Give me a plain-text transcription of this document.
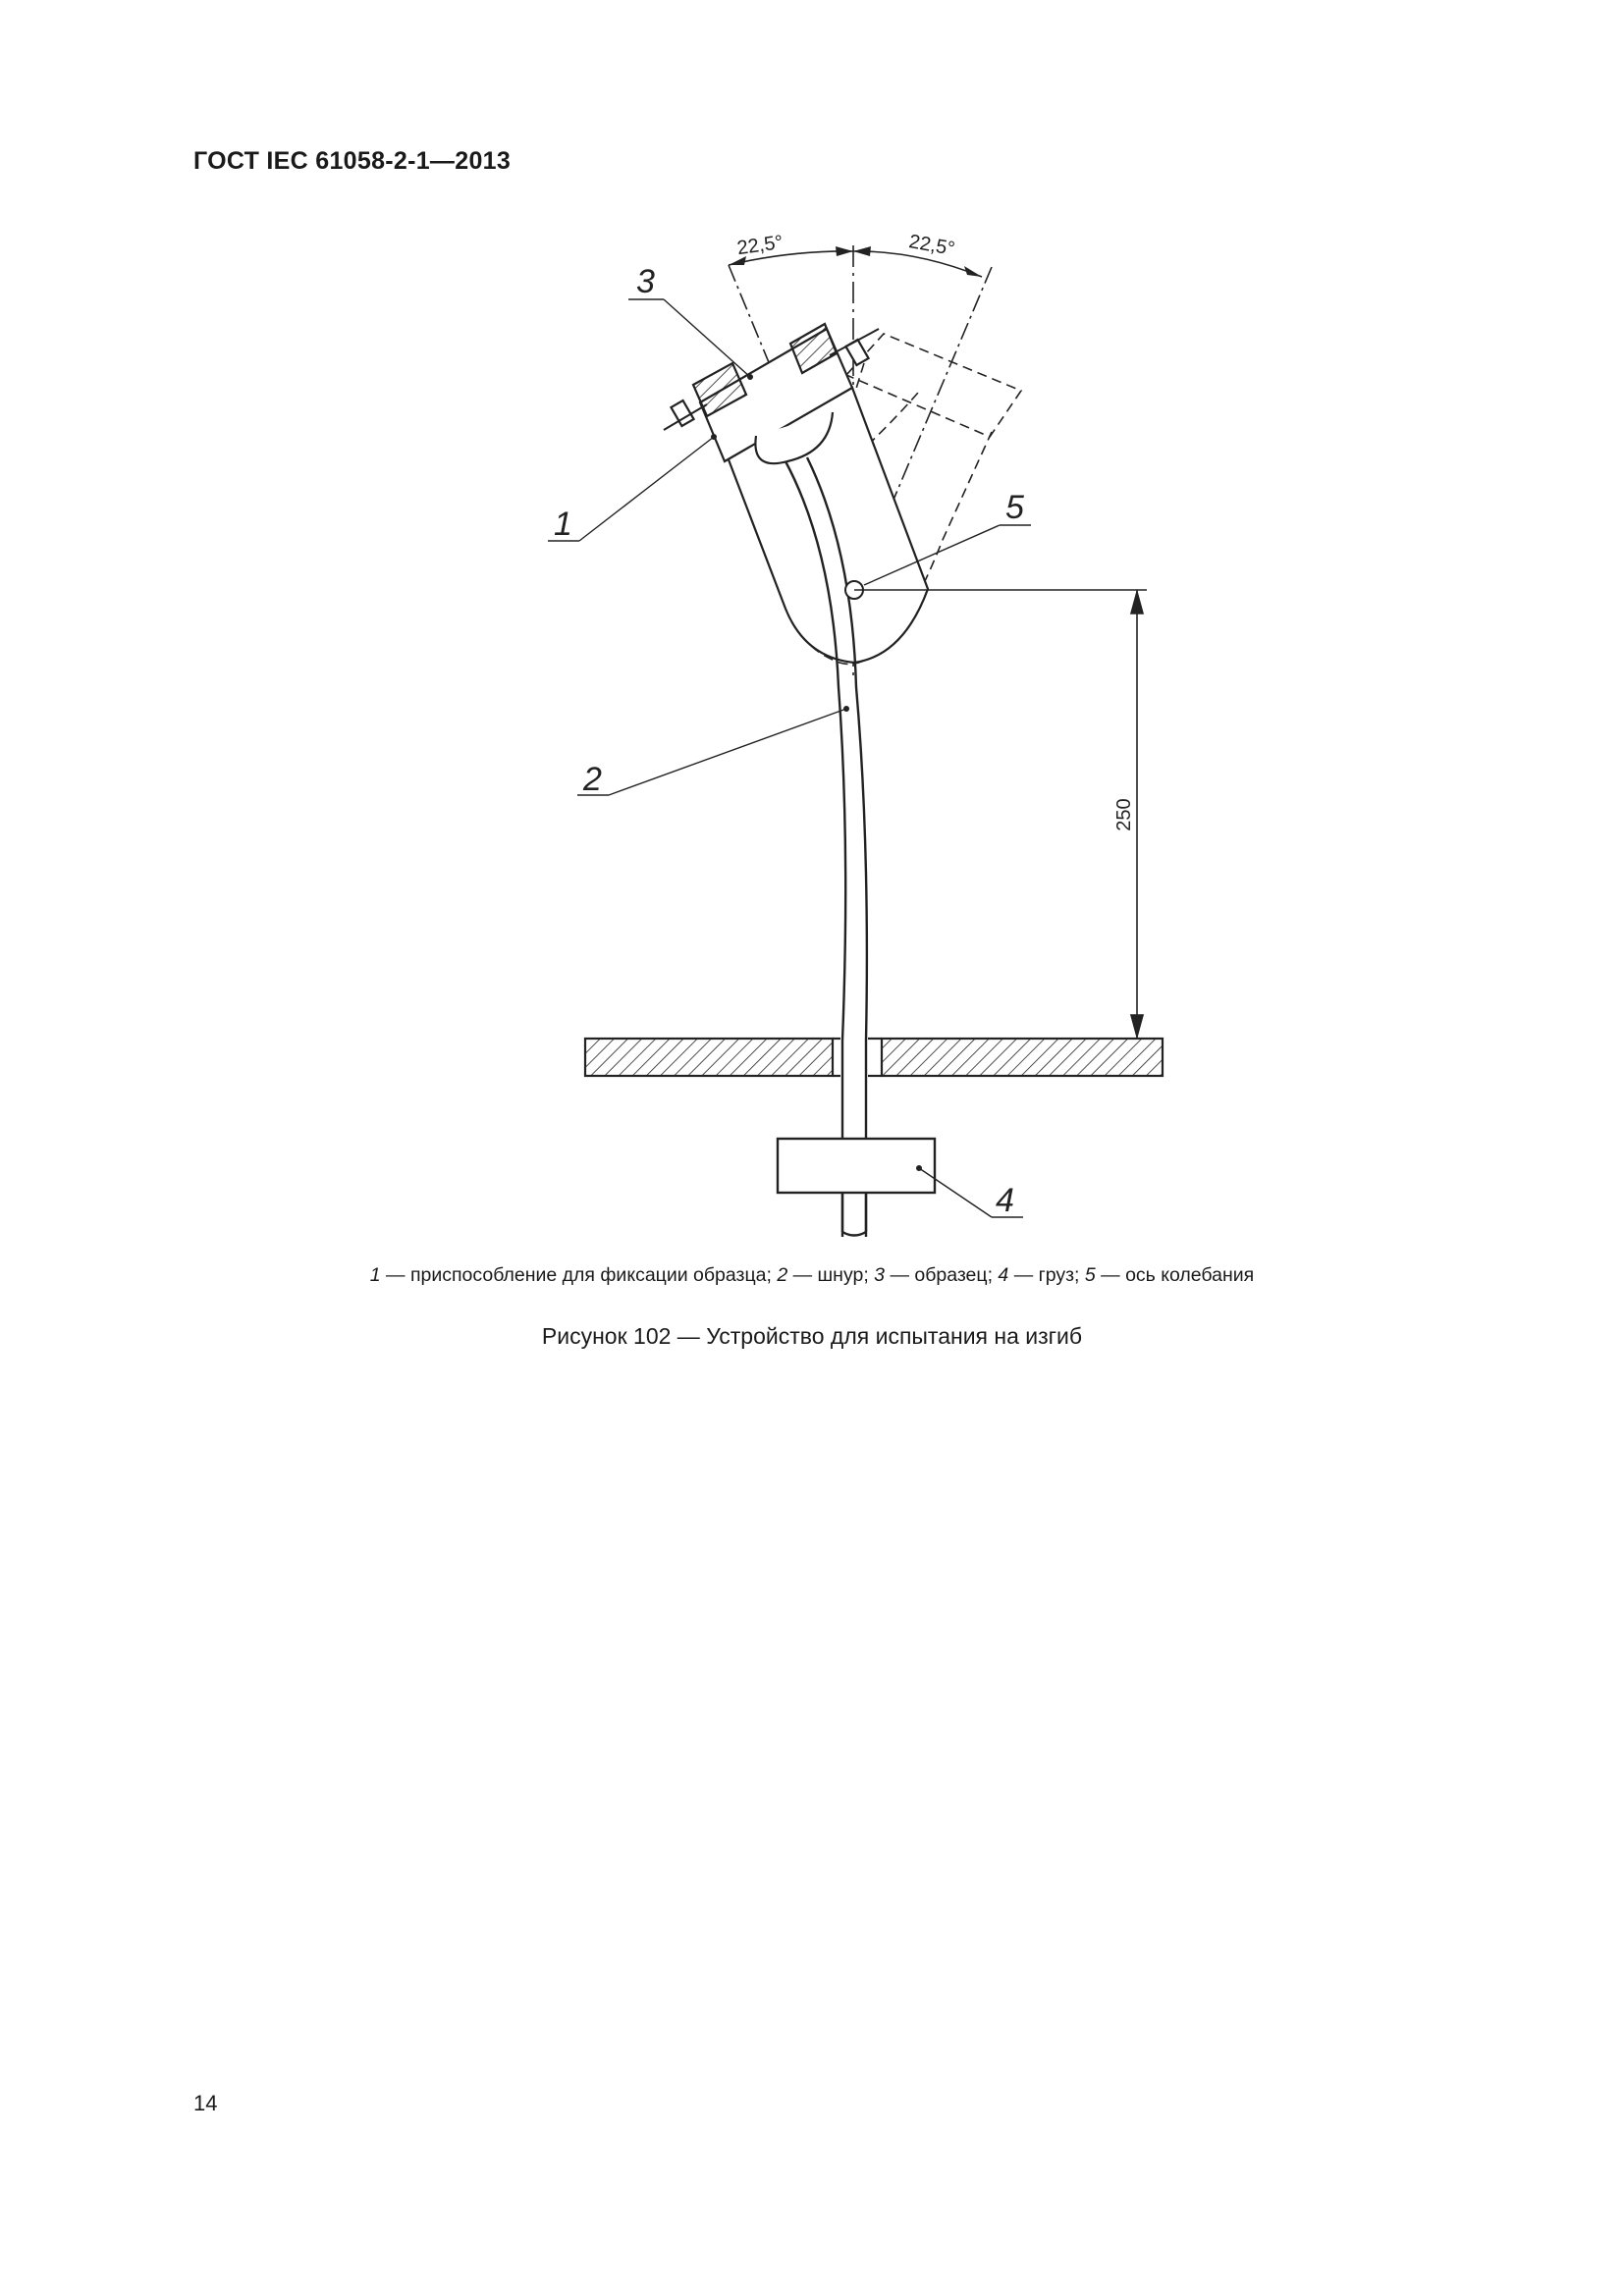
ГОСТ IEC 61058-2-1—2013
22,5°	22,5°
250
1
2
3
4
5
1 — приспособление для фиксации образца; 2 — шнур; 3 — образец; 4 — груз; 5 — ось колебания
Рисунок 102 — Устройство для испытания на изгиб
14
